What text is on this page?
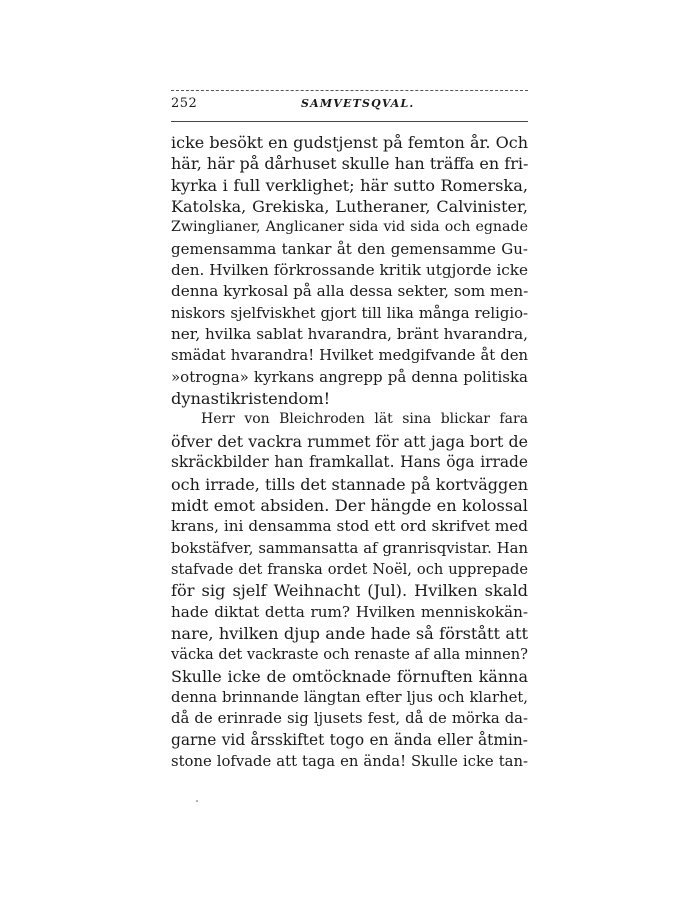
252	SAMVETSQVAL.
icke besökt en gudstjenst på femton år. Och
här, här på dårhuset skulle han träffa en fri-
kyrka i full verklighet; här sutto Romerska,
Katolska, Grekiska, Lutheraner, Calvinister,
Zwinglianer, Anglicaner sida vid sida och egnade
gemensamma tankar åt den gemensamme Gu-
den. Hvilken förkrossande kritik utgjorde icke
denna kyrkosal på alla dessa sekter, som men-
niskors sjelfviskhet gjort till lika många religio-
ner, hvilka sablat hvarandra, bränt hvarandra,
smädat hvarandra! Hvilket medgifvande åt den
»otrogna» kyrkans angrepp på denna politiska
dynastikristendom!
Herr von Bleichroden lät sina blickar fara
öfver det vackra rummet för att jaga bort de
skräckbilder han framkallat. Hans öga irrade
och irrade, tills det stannade på kortväggen
midt emot absiden. Der hängde en kolossal
krans, ini densamma stod ett ord skrifvet med
bokstäfver, sammansatta af granrisqvistar. Han
stafvade det franska ordet Noël, och upprepade
för sig sjelf Weihnacht (Jul). Hvilken skald
hade diktat detta rum? Hvilken menniskokän-
nare, hvilken djup ande hade så förstått att
väcka det vackraste och renaste af alla minnen?
Skulle icke de omtöcknade förnuften känna
denna brinnande längtan efter ljus och klarhet,
då de erinrade sig ljusets fest, då de mörka da-
garne vid årsskiftet togo en ända eller åtmin-
stone lofvade att taga en ända! Skulle icke tan-
